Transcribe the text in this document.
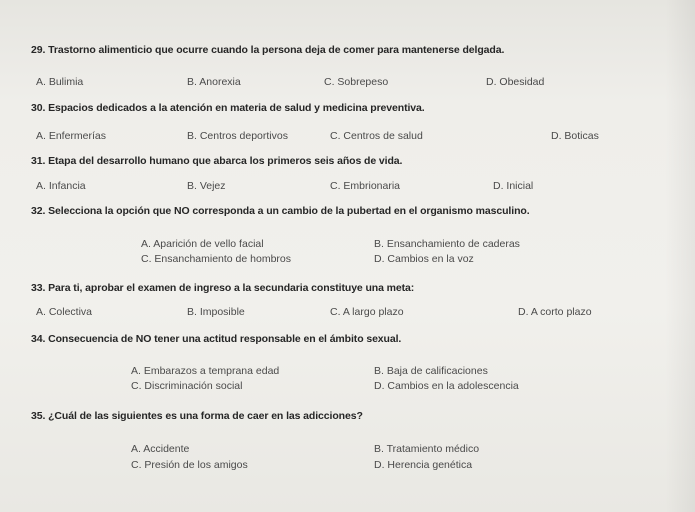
29. Trastorno alimenticio que ocurre cuando la persona deja de comer para mantenerse delgada.
A. Bulimia	B. Anorexia	C. Sobrepeso	D. Obesidad
30. Espacios dedicados a la atención en materia de salud y medicina preventiva.
A. Enfermerías	B. Centros deportivos	C. Centros de salud	D. Boticas
31. Etapa del desarrollo humano que abarca los primeros seis años de vida.
A. Infancia	B. Vejez	C. Embrionaria	D. Inicial
32. Selecciona la opción que NO corresponda a un cambio de la pubertad en el organismo masculino.
A. Aparición de vello facial	B. Ensanchamiento de caderas
C. Ensanchamiento de hombros	D. Cambios en la voz
33. Para ti, aprobar el examen de ingreso a la secundaria constituye una meta:
A. Colectiva	B. Imposible	C. A largo plazo	D. A corto plazo
34. Consecuencia de NO tener una actitud responsable en el ámbito sexual.
A. Embarazos a temprana edad	B. Baja de calificaciones
C. Discriminación social	D. Cambios en la adolescencia
35. ¿Cuál de las siguientes es una forma de caer en las adicciones?
A. Accidente	B. Tratamiento médico
C. Presión de los amigos	D. Herencia genética
